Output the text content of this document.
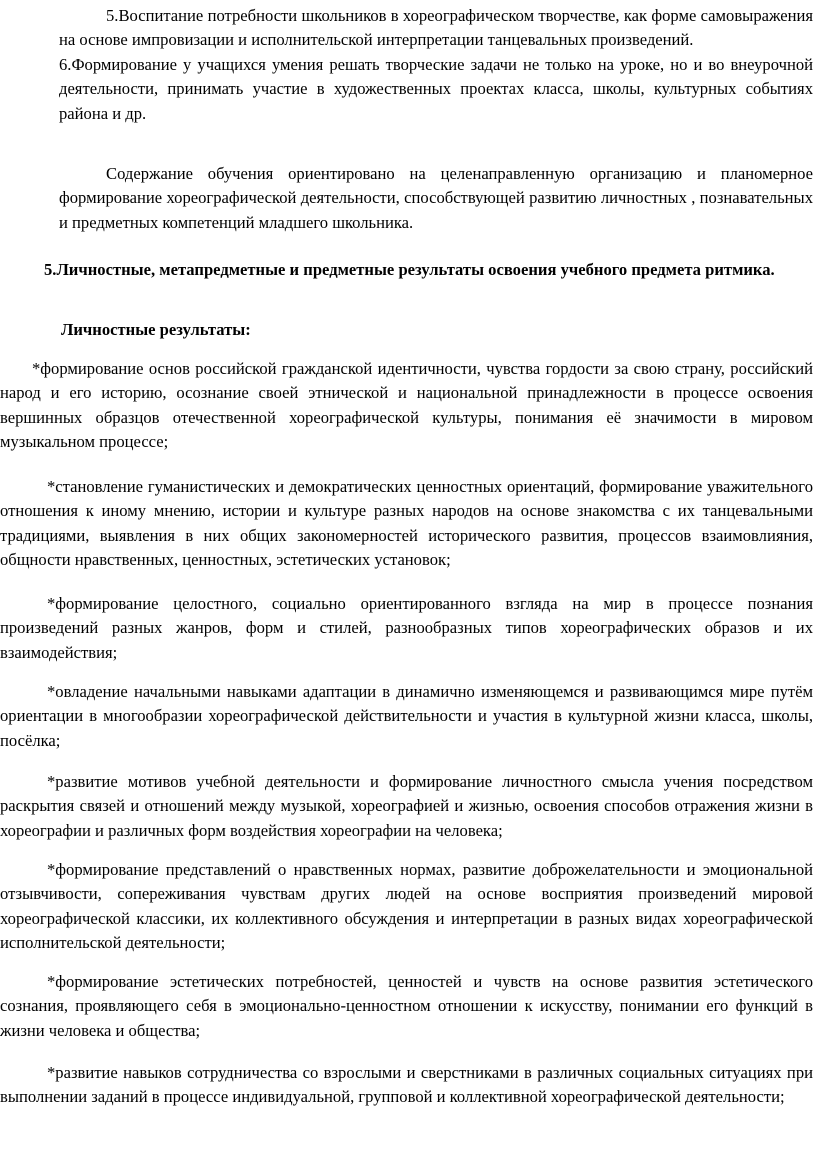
5.Воспитание потребности школьников в хореографическом творчестве, как форме самовыражения на основе импровизации и исполнительской интерпретации танцевальных произведений.

6.Формирование у учащихся умения решать творческие задачи не только на уроке, но и во внеурочной деятельности, принимать участие в художественных проектах класса, школы, культурных событиях района и др.

Содержание обучения ориентировано на целенаправленную организацию и планомерное формирование хореографической деятельности, способствующей развитию личностных , познавательных и предметных компетенций младшего школьника.

5.Личностные, метапредметные и предметные результаты освоения учебного предмета ритмика.

Личностные результаты:

*формирование основ российской гражданской идентичности, чувства гордости за свою страну, российский народ и его историю, осознание своей этнической и национальной принадлежности в процессе освоения вершинных образцов отечественной хореографической культуры, понимания её значимости в мировом музыкальном процессе;

*становление гуманистических и демократических ценностных ориентаций, формирование уважительного отношения к иному мнению, истории и культуре разных народов на основе знакомства с их танцевальными традициями, выявления в них общих закономерностей исторического развития, процессов взаимовлияния, общности нравственных, ценностных, эстетических установок;

*формирование целостного, социально ориентированного взгляда на мир в процессе познания произведений разных жанров, форм и стилей, разнообразных типов хореографических образов и их взаимодействия;

*овладение начальными навыками адаптации в динамично изменяющемся и развивающимся мире путём ориентации в многообразии хореографической действительности и участия в культурной жизни класса, школы, посёлка;

*развитие мотивов учебной деятельности и формирование личностного смысла учения посредством раскрытия связей и отношений между музыкой, хореографией и жизнью, освоения способов отражения жизни в хореографии и различных форм воздействия хореографии на человека;

*формирование представлений о нравственных нормах, развитие доброжелательности и эмоциональной отзывчивости, сопереживания чувствам других людей на основе восприятия произведений мировой хореографической классики, их коллективного обсуждения и интерпретации в разных видах хореографической исполнительской деятельности;

*формирование эстетических потребностей, ценностей и чувств на основе развития эстетического сознания, проявляющего себя в эмоционально-ценностном отношении к искусству, понимании его функций в жизни человека и общества;

*развитие навыков сотрудничества со взрослыми и сверстниками в различных социальных ситуациях при выполнении заданий в процессе индивидуальной, групповой и коллективной хореографической деятельности;
